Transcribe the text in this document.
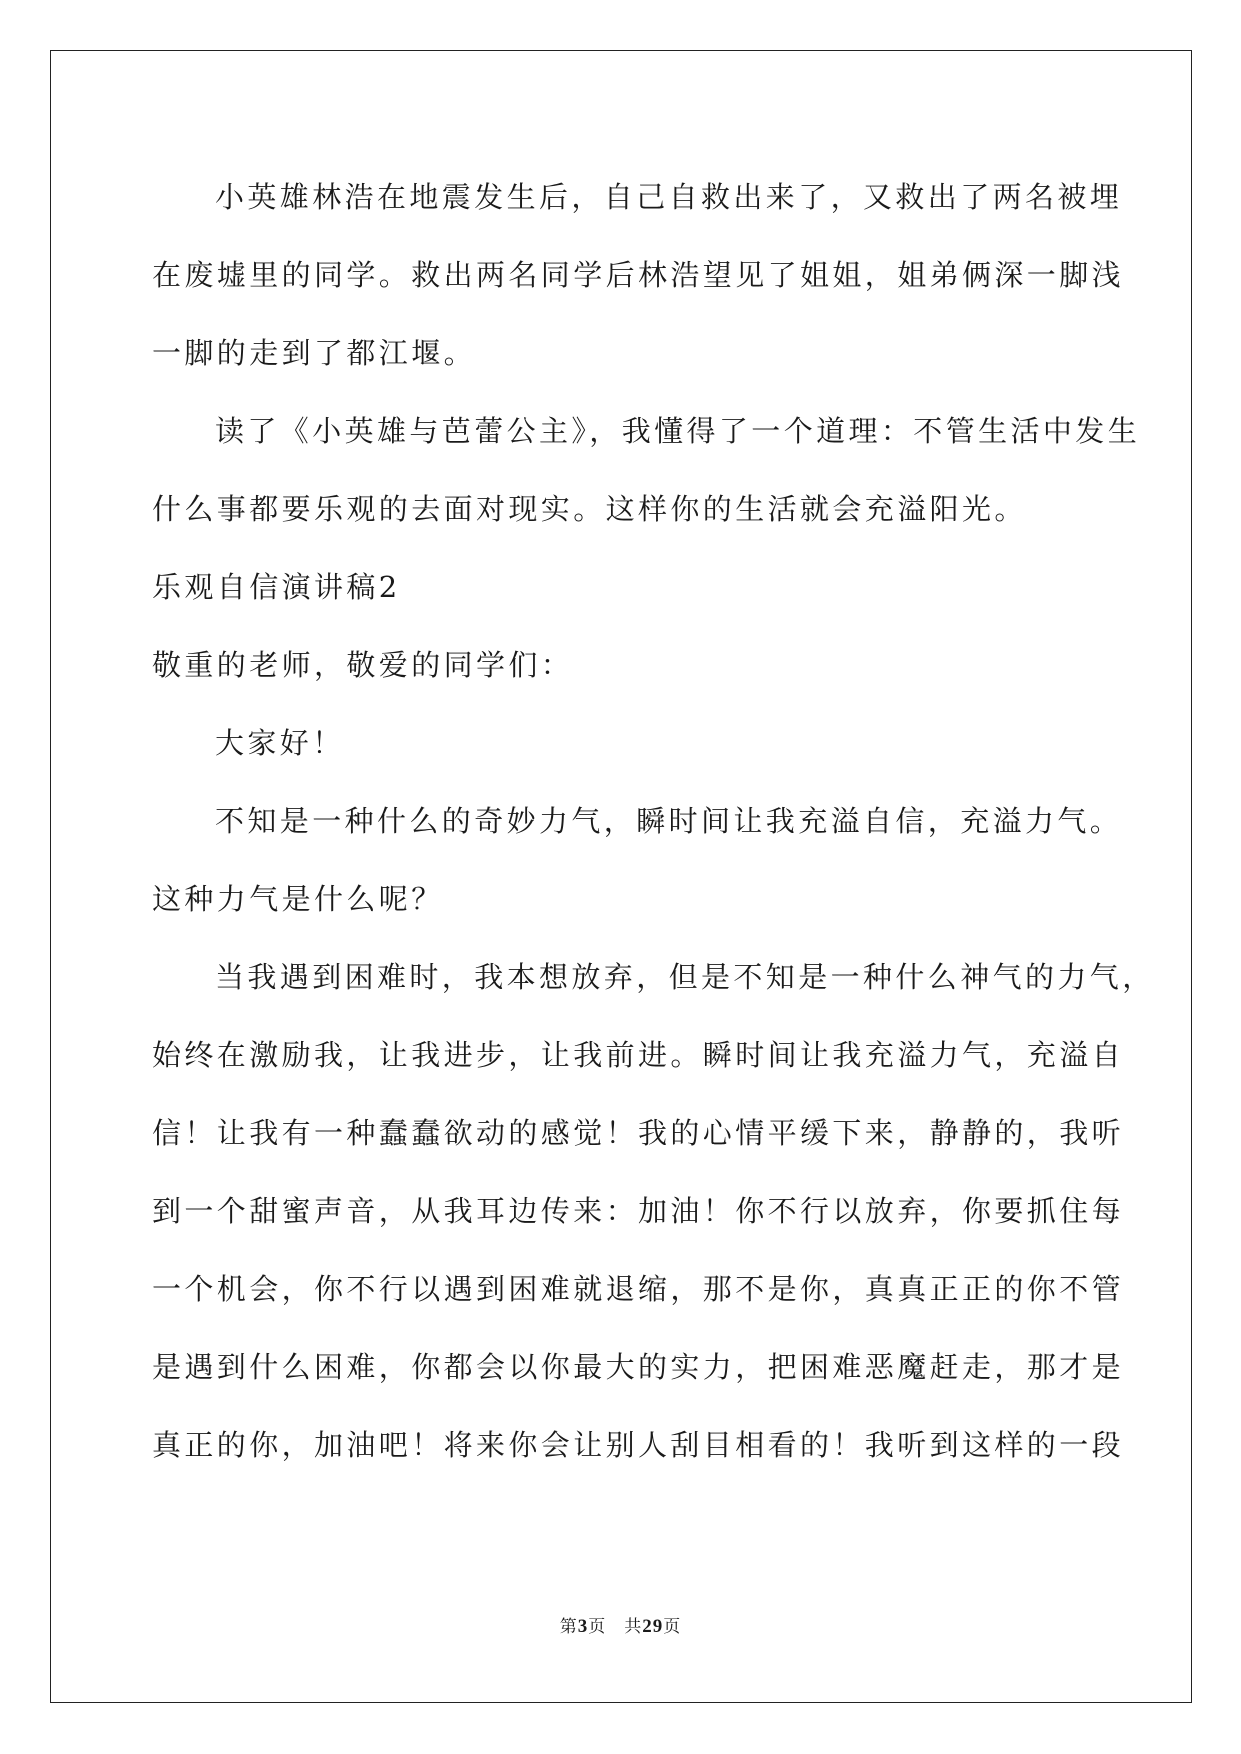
小英雄林浩在地震发生后，自己自救出来了，又救出了两名被埋
在废墟里的同学。救出两名同学后林浩望见了姐姐，姐弟俩深一脚浅
一脚的走到了都江堰。
读了《小英雄与芭蕾公主》，我懂得了一个道理：不管生活中发生
什么事都要乐观的去面对现实。这样你的生活就会充溢阳光。
乐观自信演讲稿2
敬重的老师，敬爱的同学们：
大家好！
不知是一种什么的奇妙力气，瞬时间让我充溢自信，充溢力气。
这种力气是什么呢？
当我遇到困难时，我本想放弃，但是不知是一种什么神气的力气，
始终在激励我，让我进步，让我前进。瞬时间让我充溢力气，充溢自
信！让我有一种蠢蠢欲动的感觉！我的心情平缓下来，静静的，我听
到一个甜蜜声音，从我耳边传来：加油！你不行以放弃，你要抓住每
一个机会，你不行以遇到困难就退缩，那不是你，真真正正的你不管
是遇到什么困难，你都会以你最大的实力，把困难恶魔赶走，那才是
真正的你，加油吧！将来你会让别人刮目相看的！我听到这样的一段
第3页 共29页
